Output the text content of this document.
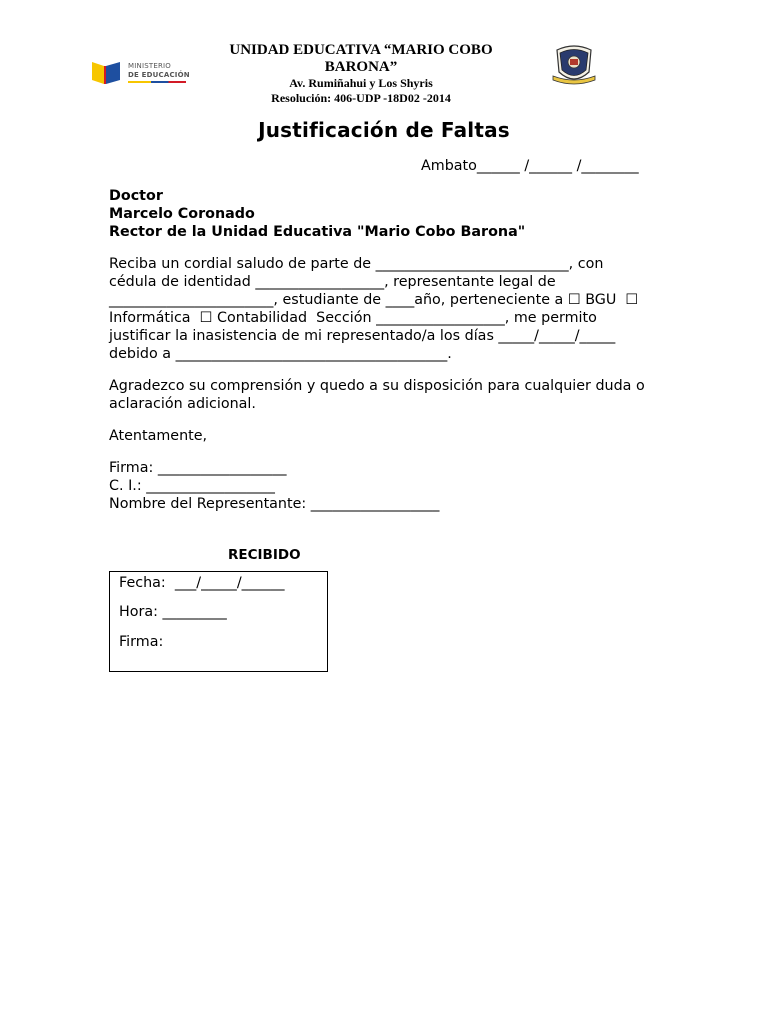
MINISTERIO
DE EDUCACIÓN
UNIDAD EDUCATIVA “MARIO COBO
BARONA”
Av. Rumiñahui y Los Shyris
Resolución: 406-UDP -18D02 -2014
Justificación de Faltas
Ambato______ /______ /________
Doctor
Marcelo Coronado
Rector de la Unidad Educativa "Mario Cobo Barona"
Reciba un cordial saludo de parte de ___________________________, con
cédula de identidad __________________, representante legal de
_______________________, estudiante de ____año, perteneciente a ☐ BGU  ☐
Informática  ☐ Contabilidad  Sección __________________, me permito
justificar la inasistencia de mi representado/a los días _____/_____/_____
debido a ______________________________________.
Agradezco su comprensión y quedo a su disposición para cualquier duda o
aclaración adicional.
Atentamente,
Firma: __________________
C. I.: __________________
Nombre del Representante: __________________
RECIBIDO
Fecha:  ___/_____/______
Hora: _________
Firma:
